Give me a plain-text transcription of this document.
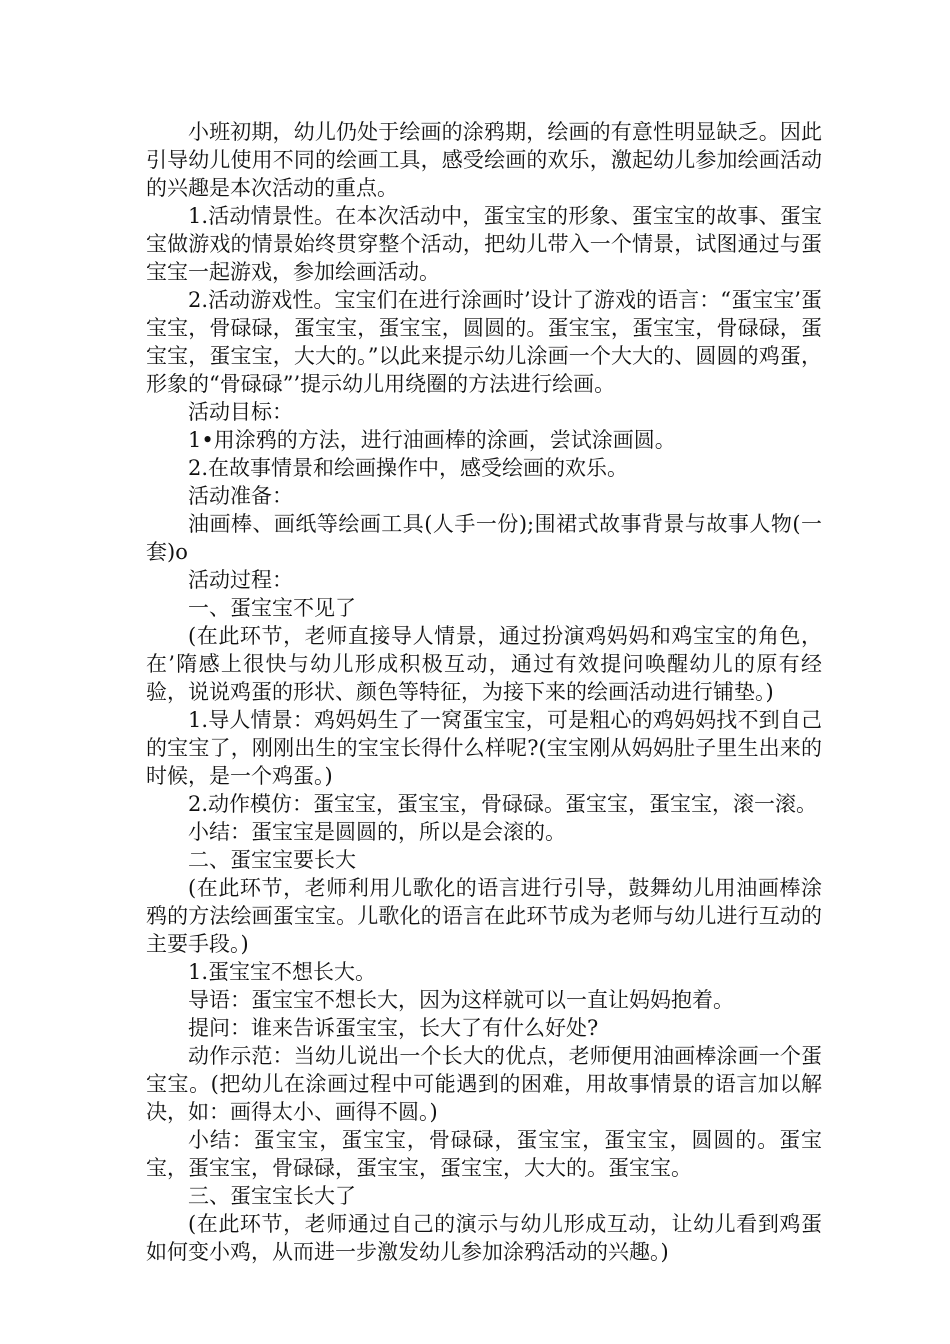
小班初期，幼儿仍处于绘画的涂鸦期，绘画的有意性明显缺乏。因此引导幼儿使用不同的绘画工具，感受绘画的欢乐，激起幼儿参加绘画活动的兴趣是本次活动的重点。

1.活动情景性。在本次活动中，蛋宝宝的形象、蛋宝宝的故事、蛋宝宝做游戏的情景始终贯穿整个活动，把幼儿带入一个情景，试图通过与蛋宝宝一起游戏，参加绘画活动。

2.活动游戏性。宝宝们在进行涂画时’设计了游戏的语言：“蛋宝宝’蛋宝宝，骨碌碌，蛋宝宝，蛋宝宝，圆圆的。蛋宝宝，蛋宝宝，骨碌碌，蛋宝宝，蛋宝宝，大大的。”以此来提示幼儿涂画一个大大的、圆圆的鸡蛋，形象的“骨碌碌”’提示幼儿用绕圈的方法进行绘画。

活动目标：

1•用涂鸦的方法，进行油画棒的涂画，尝试涂画圆。

2.在故事情景和绘画操作中，感受绘画的欢乐。

活动准备：

油画棒、画纸等绘画工具(人手一份);围裙式故事背景与故事人物(一套)o

活动过程：

一、蛋宝宝不见了

(在此环节，老师直接导人情景，通过扮演鸡妈妈和鸡宝宝的角色，在’隋感上很快与幼儿形成积极互动，通过有效提问唤醒幼儿的原有经验，说说鸡蛋的形状、颜色等特征，为接下来的绘画活动进行铺垫。)

1.导人情景：鸡妈妈生了一窝蛋宝宝，可是粗心的鸡妈妈找不到自己的宝宝了，刚刚出生的宝宝长得什么样呢?(宝宝刚从妈妈肚子里生出来的时候，是一个鸡蛋。)

2.动作模仿：蛋宝宝，蛋宝宝，骨碌碌。蛋宝宝，蛋宝宝，滚一滚。

小结：蛋宝宝是圆圆的，所以是会滚的。

二、蛋宝宝要长大

(在此环节，老师利用儿歌化的语言进行引导，鼓舞幼儿用油画棒涂鸦的方法绘画蛋宝宝。儿歌化的语言在此环节成为老师与幼儿进行互动的主要手段。)

1.蛋宝宝不想长大。

导语：蛋宝宝不想长大，因为这样就可以一直让妈妈抱着。

提问：谁来告诉蛋宝宝，长大了有什么好处?

动作示范：当幼儿说出一个长大的优点，老师便用油画棒涂画一个蛋宝宝。(把幼儿在涂画过程中可能遇到的困难，用故事情景的语言加以解决，如：画得太小、画得不圆。)

小结：蛋宝宝，蛋宝宝，骨碌碌，蛋宝宝，蛋宝宝，圆圆的。蛋宝宝，蛋宝宝，骨碌碌，蛋宝宝，蛋宝宝，大大的。蛋宝宝。

三、蛋宝宝长大了

(在此环节，老师通过自己的演示与幼儿形成互动，让幼儿看到鸡蛋如何变小鸡，从而进一步激发幼儿参加涂鸦活动的兴趣。)
